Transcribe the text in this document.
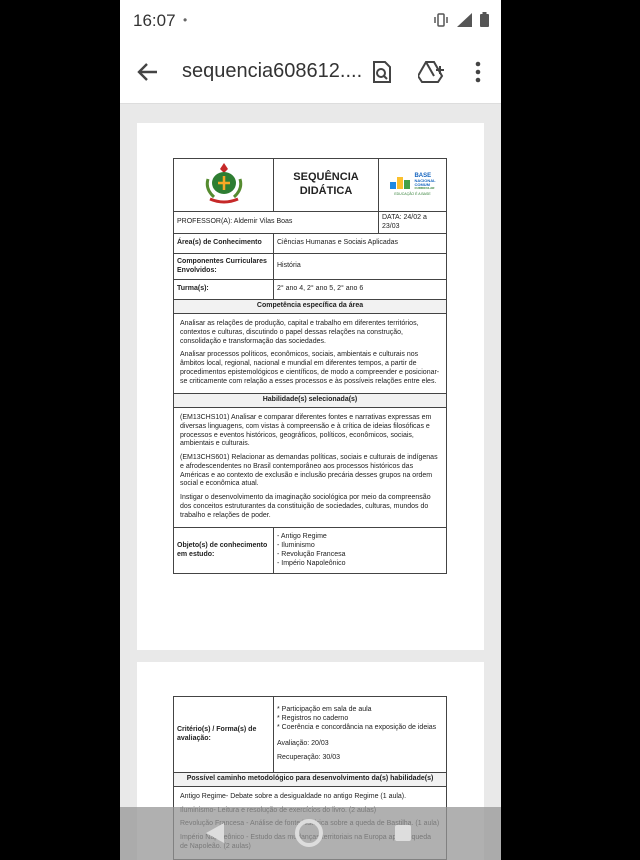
16:07 •
sequencia608612....
	SEQUÊNCIA DIDÁTICA	BASE
NACIONAL
COMUM
CURRICULAR
EDUCAÇÃO É A BASE

PROFESSOR(A): Aldemir Vilas Boas		DATA: 24/02 a 23/03
Área(s) de Conhecimento	Ciências Humanas e Sociais Aplicadas	
Componentes Curriculares Envolvidos:	História	
Turma(s):	2° ano 4, 2° ano 5, 2° ano 6	
Competência específica da área		

Analisar as relações de produção, capital e trabalho em diferentes territórios, contextos e culturas, discutindo o papel dessas relações na construção, consolidação e transformação das sociedades.
Analisar processos políticos, econômicos, sociais, ambientais e culturais nos âmbitos local, regional, nacional e mundial em diferentes tempos, a partir de procedimentos epistemológicos e científicos, de modo a compreender e posicionar-se criticamente com relação a esses processos e às possíveis relações entre eles.		

Habilidade(s) selecionada(s)		

(EM13CHS101) Analisar e comparar diferentes fontes e narrativas expressas em diversas linguagens, com vistas à compreensão e à crítica de ideias filosóficas e processos e eventos históricos, geográficos, políticos, econômicos, sociais, ambientais e culturais.
(EM13CHS601) Relacionar as demandas políticas, sociais e culturais de indígenas e afrodescendentes no Brasil contemporâneo aos processos históricos das Américas e ao contexto de exclusão e inclusão precária desses grupos na ordem social e econômica atual.
Instigar o desenvolvimento da imaginação sociológica por meio da compreensão dos conceitos estruturantes da constituição de sociedades, culturas, mundos do trabalho e relações de poder.		

Objeto(s) de conhecimento em estudo:	- Antigo Regime
- Iluminismo
- Revolução Francesa
- Império Napoleônico	
Critério(s) / Forma(s) de avaliação:	
* Participação em sala de aula
* Registros no caderno
* Coerência e concordância na exposição de ideias
Avaliação: 20/03
Recuperação: 30/03

Possível caminho metodológico para desenvolvimento da(s) habilidade(s)

Antigo Regime- Debate sobre a desigualdade no antigo Regime (1 aula).
